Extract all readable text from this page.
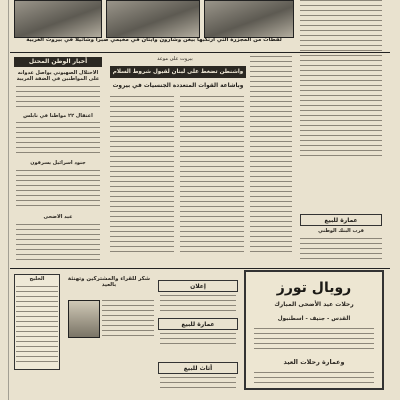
لقطات من المجزرة التي ارتكبها بيغن وشارون وايتان في مخيمي صبرا وشاتيلا في بيروت الغربية
أخبار الوطن المحتل
الاحتلال الصهيوني يواصل عدوانه على المواطنين في الضفة الغربية
اعتقال ٢٢ مواطناً في نابلس
جنود اسرائيل يسرقون
عيد الاضحى
بيروت على موعد
واشنطن تضغط على لبنان لقبول شروط السلام
وباشاعة القوات المتعددة الجنسيات في بيروت
عمارة للبيع
قرب البنك الوطني
الخليج	شكر للقراء والمشتركين وتهنئة بالعيد	إعلان
عمارة للبيع
أثاث للبيع
رويال تورز
رحلات عيد الأضحى المبارك
القدس - جنيف - اسطنبول
وعمارة رحلات العيد
